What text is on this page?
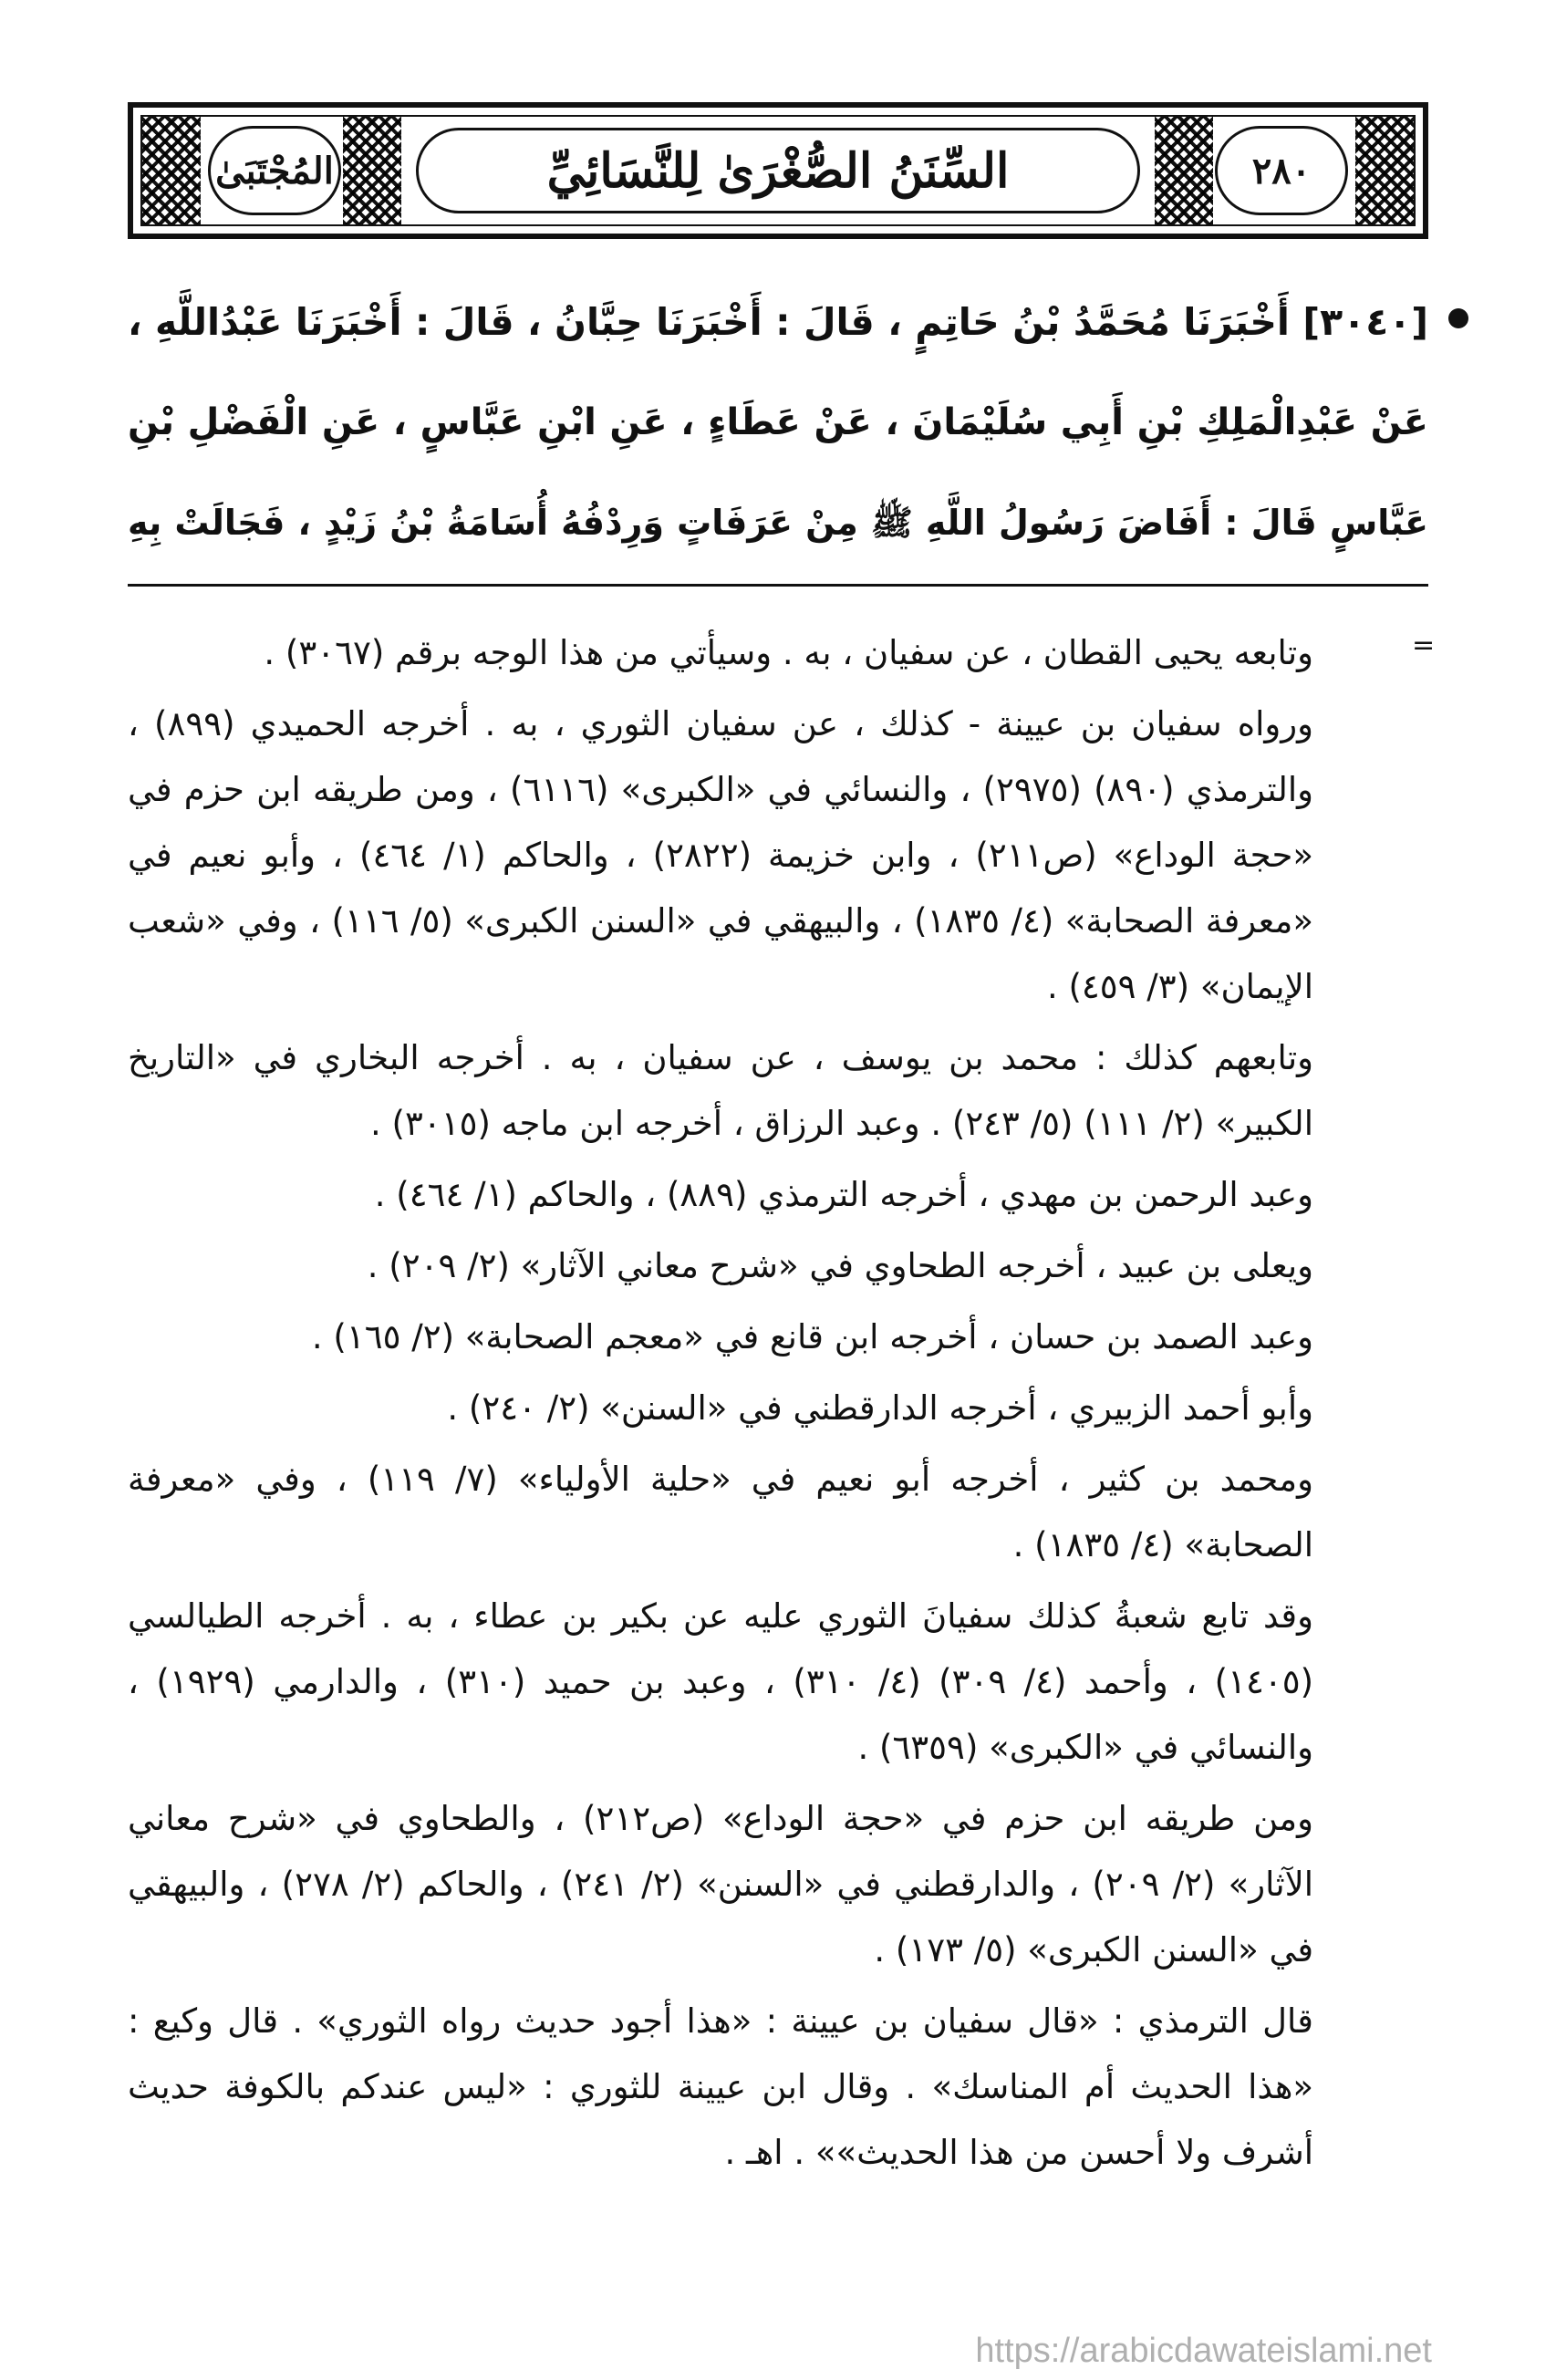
المُجْتَبَىٰ	السِّنَنُ الصُّغْرَىٰ لِلنَّسَائِيِّ	٢٨٠
[٣٠٤٠] أَخْبَرَنَا مُحَمَّدُ بْنُ حَاتِمٍ ، قَالَ : أَخْبَرَنَا حِبَّانُ ، قَالَ : أَخْبَرَنَا عَبْدُاللَّهِ ،
عَنْ عَبْدِالْمَلِكِ بْنِ أَبِي سُلَيْمَانَ ، عَنْ عَطَاءٍ ، عَنِ ابْنِ عَبَّاسٍ ، عَنِ الْفَضْلِ بْنِ
عَبَّاسٍ قَالَ : أَفَاضَ رَسُولُ اللَّهِ ﷺ مِنْ عَرَفَاتٍ وَرِدْفُهُ أُسَامَةُ بْنُ زَيْدٍ ، فَجَالَتْ بِهِ
=

وتابعه يحيى القطان ، عن سفيان ، به . وسيأتي من هذا الوجه برقم (٣٠٦٧) .

ورواه سفيان بن عيينة - كذلك ، عن سفيان الثوري ، به . أخرجه الحميدي (٨٩٩) ، والترمذي (٨٩٠) (٢٩٧٥) ، والنسائي في «الكبرى» (٦١١٦) ، ومن طريقه ابن حزم في «حجة الوداع» (ص٢١١) ، وابن خزيمة (٢٨٢٢) ، والحاكم (١/ ٤٦٤) ، وأبو نعيم في «معرفة الصحابة» (٤/ ١٨٣٥) ، والبيهقي في «السنن الكبرى» (٥/ ١١٦) ، وفي «شعب الإيمان» (٣/ ٤٥٩) .

وتابعهم كذلك : محمد بن يوسف ، عن سفيان ، به . أخرجه البخاري في «التاريخ الكبير» (٢/ ١١١) (٥/ ٢٤٣) . وعبد الرزاق ، أخرجه ابن ماجه (٣٠١٥) .

وعبد الرحمن بن مهدي ، أخرجه الترمذي (٨٨٩) ، والحاكم (١/ ٤٦٤) .

ويعلى بن عبيد ، أخرجه الطحاوي في «شرح معاني الآثار» (٢/ ٢٠٩) .

وعبد الصمد بن حسان ، أخرجه ابن قانع في «معجم الصحابة» (٢/ ١٦٥) .

وأبو أحمد الزبيري ، أخرجه الدارقطني في «السنن» (٢/ ٢٤٠) .

ومحمد بن كثير ، أخرجه أبو نعيم في «حلية الأولياء» (٧/ ١١٩) ، وفي «معرفة الصحابة» (٤/ ١٨٣٥) .

وقد تابع شعبةُ كذلك سفيانَ الثوري عليه عن بكير بن عطاء ، به . أخرجه الطيالسي (١٤٠٥) ، وأحمد (٤/ ٣٠٩) (٤/ ٣١٠) ، وعبد بن حميد (٣١٠) ، والدارمي (١٩٢٩) ، والنسائي في «الكبرى» (٦٣٥٩) .

ومن طريقه ابن حزم في «حجة الوداع» (ص٢١٢) ، والطحاوي في «شرح معاني الآثار» (٢/ ٢٠٩) ، والدارقطني في «السنن» (٢/ ٢٤١) ، والحاكم (٢/ ٢٧٨) ، والبيهقي في «السنن الكبرى» (٥/ ١٧٣) .

قال الترمذي : «قال سفيان بن عيينة : «هذا أجود حديث رواه الثوري» . قال وكيع : «هذا الحديث أم المناسك» . وقال ابن عيينة للثوري : «ليس عندكم بالكوفة حديث أشرف ولا أحسن من هذا الحديث»» . اهـ .

https://arabicdawateislami.net
